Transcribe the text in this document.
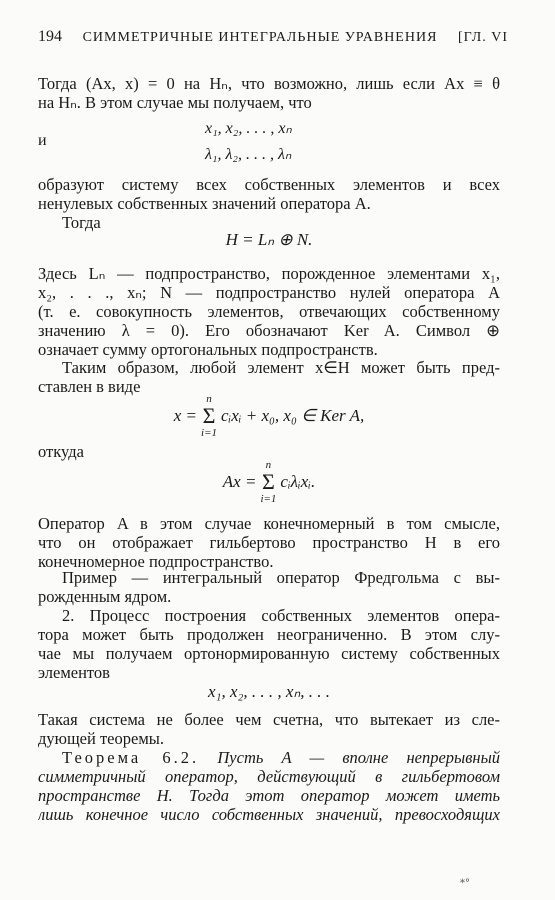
194	СИММЕТРИЧНЫЕ ИНТЕГРАЛЬНЫЕ УРАВНЕНИЯ	[ГЛ. VI
Тогда (Ax, x) = 0 на Hₙ, что возможно, лишь если Ax ≡ θ
на Hₙ. В этом случае мы получаем, что
x₁, x₂, . . . , xₙ
и
λ₁, λ₂, . . . , λₙ
образуют систему всех собственных элементов и всех
ненулевых собственных значений оператора A.
Тогда
H = Lₙ ⊕ N.
Здесь Lₙ — подпространство, порожденное элементами x₁,
x₂, . . ., xₙ; N — подпространство нулей оператора A
(т. е. совокупность элементов, отвечающих собственному
значению λ = 0). Его обозначают Ker A. Символ ⊕
означает сумму ортогональных подпространств.
Таким образом, любой элемент x∈H может быть пред-
ставлен в виде
x =
n
Σ
i=1
cᵢxᵢ + x₀, x₀ ∈ Ker A,
откуда
Ax =
n
Σ
i=1
cᵢλᵢxᵢ.
Оператор A в этом случае конечномерный в том смысле,
что он отображает гильбертово пространство H в его
конечномерное подпространство.
Пример — интегральный оператор Фредгольма с вы-
рожденным ядром.
2. Процесс построения собственных элементов опера-
тора может быть продолжен неограниченно. В этом слу-
чае мы получаем ортонормированную систему собственных
элементов
x₁, x₂, . . . , xₙ, . . .
Такая система не более чем счетна, что вытекает из сле-
дующей теоремы.
Теорема 6.2. Пусть A — вполне непрерывный
симметричный оператор, действующий в гильбертовом
пространстве H. Тогда этот оператор может иметь
лишь конечное число собственных значений, превосходящих
*°
